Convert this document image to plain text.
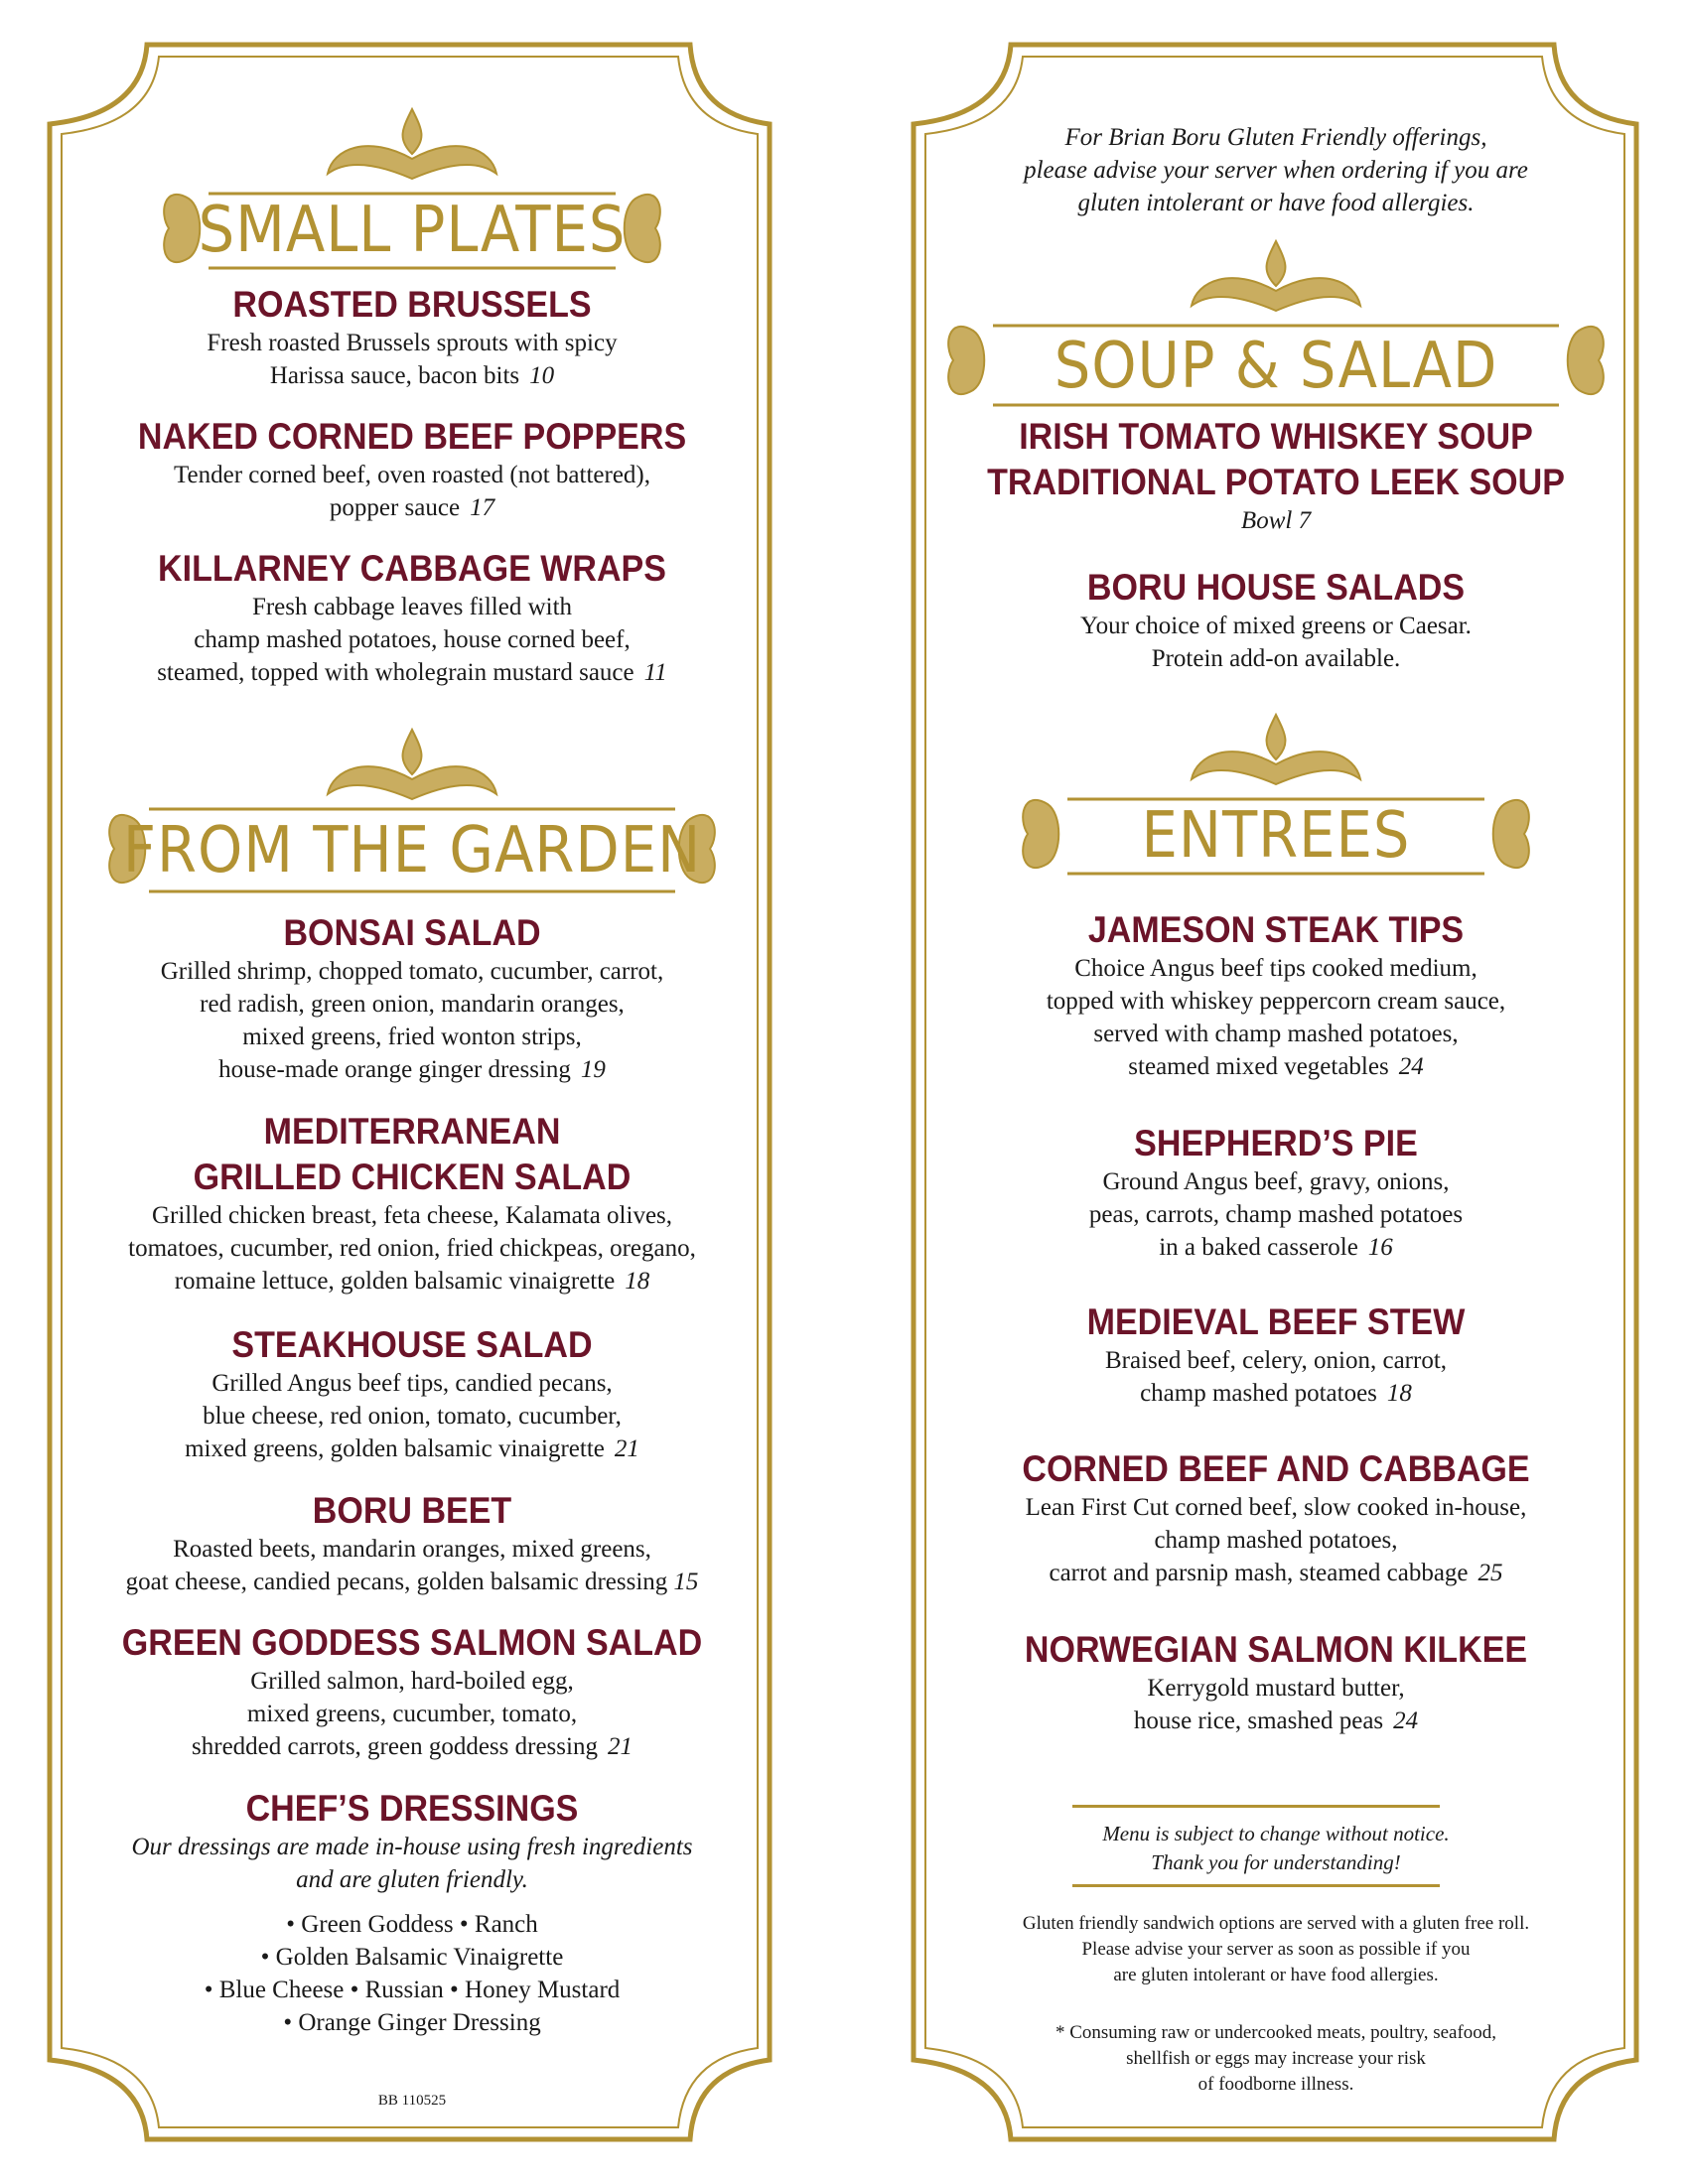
SMALL PLATES

ROASTED BRUSSELS

Fresh roasted Brussels sprouts with spicy

Harissa sauce, bacon bits 10

NAKED CORNED BEEF POPPERS

Tender corned beef, oven roasted (not battered),

popper sauce 17

KILLARNEY CABBAGE WRAPS

Fresh cabbage leaves filled with

champ mashed potatoes, house corned beef,

steamed, topped with wholegrain mustard sauce 11

FROM THE GARDEN

BONSAI SALAD

Grilled shrimp, chopped tomato, cucumber, carrot,

red radish, green onion, mandarin oranges,

mixed greens, fried wonton strips,

house-made orange ginger dressing 19

MEDITERRANEAN

GRILLED CHICKEN SALAD

Grilled chicken breast, feta cheese, Kalamata olives,

tomatoes, cucumber, red onion, fried chickpeas, oregano,

romaine lettuce, golden balsamic vinaigrette 18

STEAKHOUSE SALAD

Grilled Angus beef tips, candied pecans,

blue cheese, red onion, tomato, cucumber,

mixed greens, golden balsamic vinaigrette 21

BORU BEET

Roasted beets, mandarin oranges, mixed greens,

goat cheese, candied pecans, golden balsamic dressing 15

GREEN GODDESS SALMON SALAD

Grilled salmon, hard-boiled egg,

mixed greens, cucumber, tomato,

shredded carrots, green goddess dressing 21

CHEF’S DRESSINGS

Our dressings are made in-house using fresh ingredients

and are gluten friendly.

• Green Goddess • Ranch

• Golden Balsamic Vinaigrette

• Blue Cheese • Russian • Honey Mustard

• Orange Ginger Dressing

BB 110525

For Brian Boru Gluten Friendly offerings,

please advise your server when ordering if you are

gluten intolerant or have food allergies.

SOUP & SALAD

IRISH TOMATO WHISKEY SOUP

TRADITIONAL POTATO LEEK SOUP

Bowl 7

BORU HOUSE SALADS

Your choice of mixed greens or Caesar.

Protein add-on available.

ENTREES

JAMESON STEAK TIPS

Choice Angus beef tips cooked medium,

topped with whiskey peppercorn cream sauce,

served with champ mashed potatoes,

steamed mixed vegetables 24

SHEPHERD’S PIE

Ground Angus beef, gravy, onions,

peas, carrots, champ mashed potatoes

in a baked casserole 16

MEDIEVAL BEEF STEW

Braised beef, celery, onion, carrot,

champ mashed potatoes 18

CORNED BEEF AND CABBAGE

Lean First Cut corned beef, slow cooked in-house,

champ mashed potatoes,

carrot and parsnip mash, steamed cabbage 25

NORWEGIAN SALMON KILKEE

Kerrygold mustard butter,

house rice, smashed peas 24

Menu is subject to change without notice.

Thank you for understanding!

Gluten friendly sandwich options are served with a gluten free roll.

Please advise your server as soon as possible if you

are gluten intolerant or have food allergies.

* Consuming raw or undercooked meats, poultry, seafood,

shellfish or eggs may increase your risk

of foodborne illness.
